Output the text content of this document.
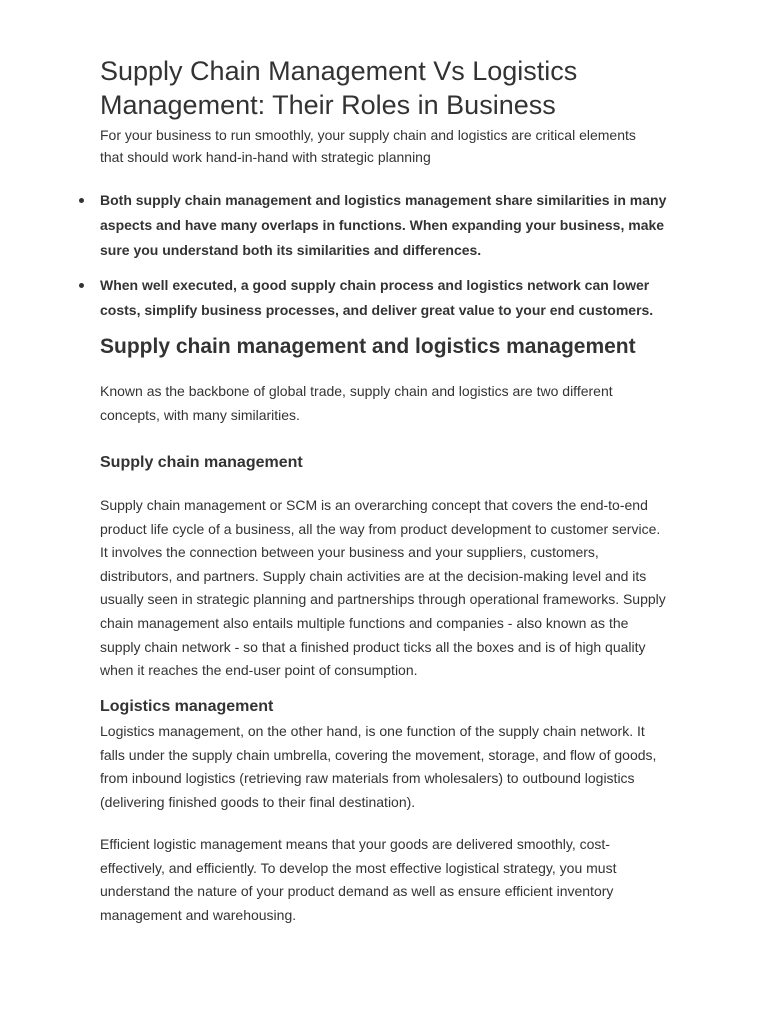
Supply Chain Management Vs Logistics Management: Their Roles in Business

For your business to run smoothly, your supply chain and logistics are critical elements that should work hand-in-hand with strategic planning

Both supply chain management and logistics management share similarities in many aspects and have many overlaps in functions. When expanding your business, make sure you understand both its similarities and differences.
When well executed, a good supply chain process and logistics network can lower costs, simplify business processes, and deliver great value to your end customers.
Supply chain management and logistics management

Known as the backbone of global trade, supply chain and logistics are two different concepts, with many similarities.

Supply chain management

Supply chain management or SCM is an overarching concept that covers the end-to-end product life cycle of a business, all the way from product development to customer service. It involves the connection between your business and your suppliers, customers, distributors, and partners. Supply chain activities are at the decision-making level and its usually seen in strategic planning and partnerships through operational frameworks. Supply chain management also entails multiple functions and companies - also known as the supply chain network - so that a finished product ticks all the boxes and is of high quality when it reaches the end-user point of consumption.

Logistics management

Logistics management, on the other hand, is one function of the supply chain network. It falls under the supply chain umbrella, covering the movement, storage, and flow of goods, from inbound logistics (retrieving raw materials from wholesalers) to outbound logistics (delivering finished goods to their final destination).

Efficient logistic management means that your goods are delivered smoothly, cost-effectively, and efficiently. To develop the most effective logistical strategy, you must understand the nature of your product demand as well as ensure efficient inventory management and warehousing.
